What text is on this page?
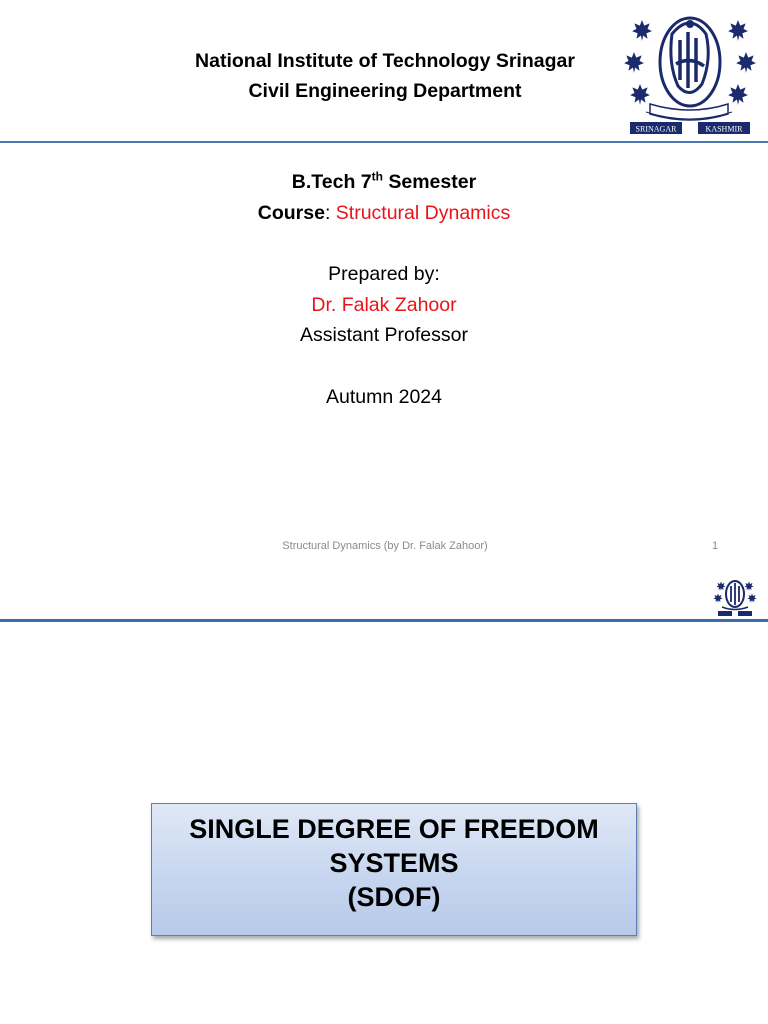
National Institute of Technology Srinagar
Civil Engineering Department
SRINAGAR	KASHMIR
B.Tech 7th Semester
Course: Structural Dynamics
Prepared by:
Dr. Falak Zahoor
Assistant Professor
Autumn 2024
Structural Dynamics (by Dr. Falak Zahoor)	1
SINGLE DEGREE OF FREEDOM
SYSTEMS
(SDOF)
